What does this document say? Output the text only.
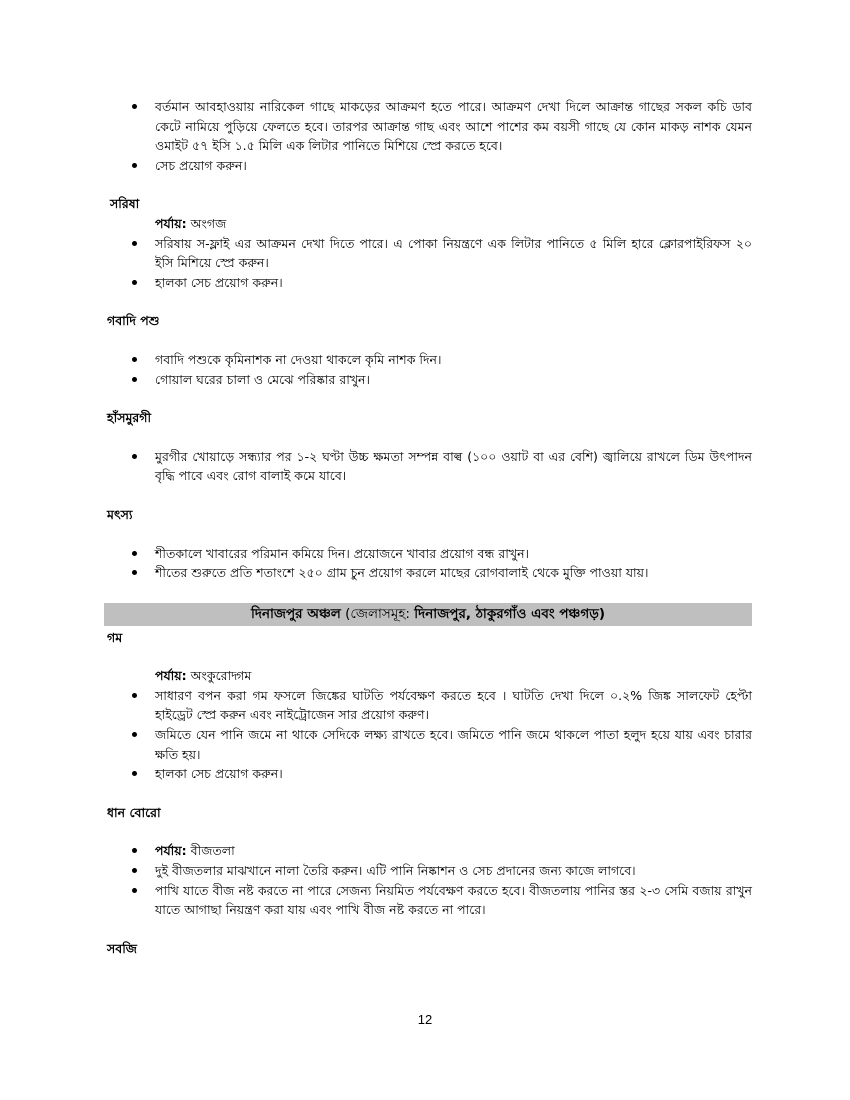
বর্তমান আবহাওয়ায় নারিকেল গাছে মাকড়ের আক্রমণ হতে পারে। আক্রমণ দেখা দিলে আক্রান্ত গাছের সকল কচি ডাব কেটে নামিয়ে পুড়িয়ে ফেলতে হবে। তারপর আক্রান্ত গাছ এবং আশে পাশের কম বয়সী গাছে যে কোন মাকড় নাশক যেমন ওমাইট ৫৭ ইসি ১.৫ মিলি এক লিটার পানিতে মিশিয়ে স্প্রে করতে হবে।
সেচ প্রয়োগ করুন।
সরিষা
পর্যায়: অংগজ
সরিষায় স-ফ্লাই এর আক্রমন দেখা দিতে পারে। এ পোকা নিয়ন্ত্রণে এক লিটার পানিতে ৫ মিলি হারে ক্লোরপাইরিফস ২০ ইসি মিশিয়ে স্প্রে করুন।
হালকা সেচ প্রয়োগ করুন।
গবাদি পশু
গবাদি পশুকে কৃমিনাশক না দেওয়া থাকলে কৃমি নাশক দিন।
গোয়াল ঘরের চালা ও মেঝে পরিষ্কার রাখুন।
হাঁসমুরগী
মুরগীর খোয়াড়ে সন্ধ্যার পর ১-২ ঘণ্টা উচ্চ ক্ষমতা সম্পন্ন বাল্ব (১০০ ওয়াট বা এর বেশি) জ্বালিয়ে রাখলে ডিম উৎপাদন বৃদ্ধি পাবে এবং রোগ বালাই কমে যাবে।
মৎস্য
শীতকালে খাবারের পরিমান কমিয়ে দিন। প্রয়োজনে খাবার প্রয়োগ বন্ধ রাখুন।
শীতের শুরুতে প্রতি শতাংশে ২৫০ গ্রাম চুন প্রয়োগ করলে মাছের রোগবালাই থেকে মুক্তি পাওয়া যায়।
দিনাজপুর অঞ্চল (জেলাসমূহ: দিনাজপুর, ঠাকুরগাঁও এবং পঞ্চগড়)
গম
পর্যায়: অংকুরোদ্গম
সাধারণ বপন করা গম ফসলে জিঙ্কের ঘাটতি পর্যবেক্ষণ করতে হবে । ঘাটতি দেখা দিলে ০.২% জিঙ্ক সালফেট হেপ্টা হাইড্রেট স্প্রে করুন এবং নাইট্রোজেন সার প্রয়োগ করুণ।
জমিতে যেন পানি জমে না থাকে সেদিকে লক্ষ্য রাখতে হবে। জমিতে পানি জমে থাকলে পাতা হলুদ হয়ে যায় এবং চারার ক্ষতি হয়।
হালকা সেচ প্রয়োগ করুন।
ধান বোরো
পর্যায়: বীজতলা
দুই বীজতলার মাঝখানে নালা তৈরি করুন। এটি পানি নিষ্কাশন ও সেচ প্রদানের জন্য কাজে লাগবে।
পাখি যাতে বীজ নষ্ট করতে না পারে সেজন্য নিয়মিত পর্যবেক্ষণ করতে হবে। বীজতলায় পানির স্তর ২-৩ সেমি বজায় রাখুন যাতে আগাছা নিয়ন্ত্রণ করা যায় এবং পাখি বীজ নষ্ট করতে না পারে।
সবজি
12
